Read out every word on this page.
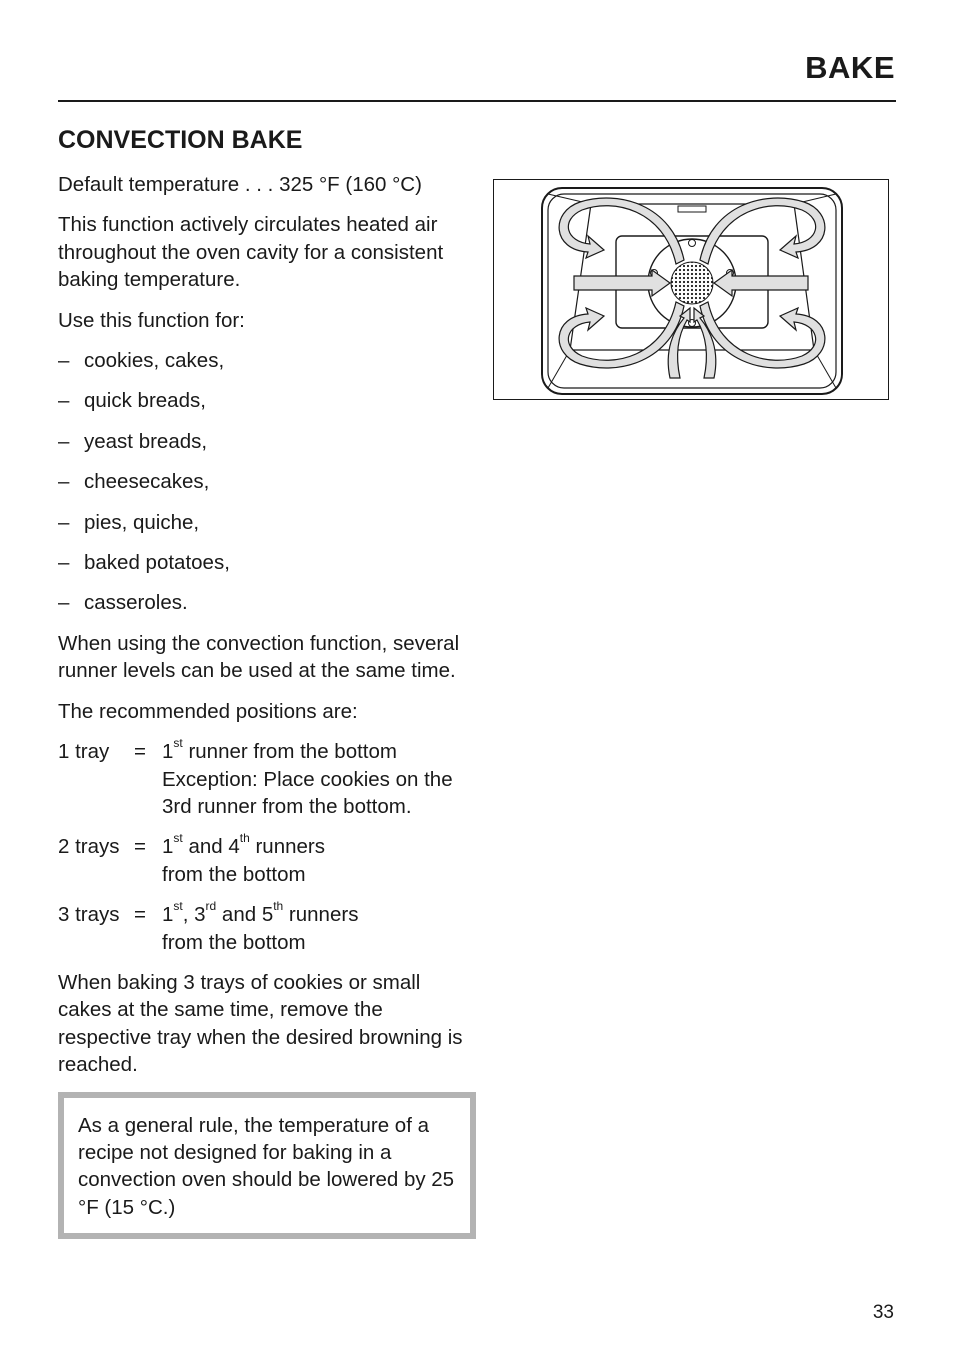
BAKE
CONVECTION BAKE

Default temperature . . . 325 °F (160 °C)

This function actively circulates heated air throughout the oven cavity for a consistent baking temperature.

Use this function for:

– cookies, cakes,
– quick breads,
– yeast breads,
– cheesecakes,
– pies, quiche,
– baked potatoes,
– casseroles.

When using the convection function, several runner levels can be used at the same time.

The recommended positions are:

1 tray	= 1st runner from the bottom
Exception: Place cookies on the 3rd runner from the bottom.
2 trays = 1st and 4th runners
from the bottom
3 trays = 1st, 3rd and 5th runners
from the bottom

When baking 3 trays of cookies or small cakes at the same time, remove the respective tray when the desired browning is reached.

As a general rule, the temperature of a recipe not designed for baking in a convection oven should be lowered by 25 °F (15 °C.)
33
